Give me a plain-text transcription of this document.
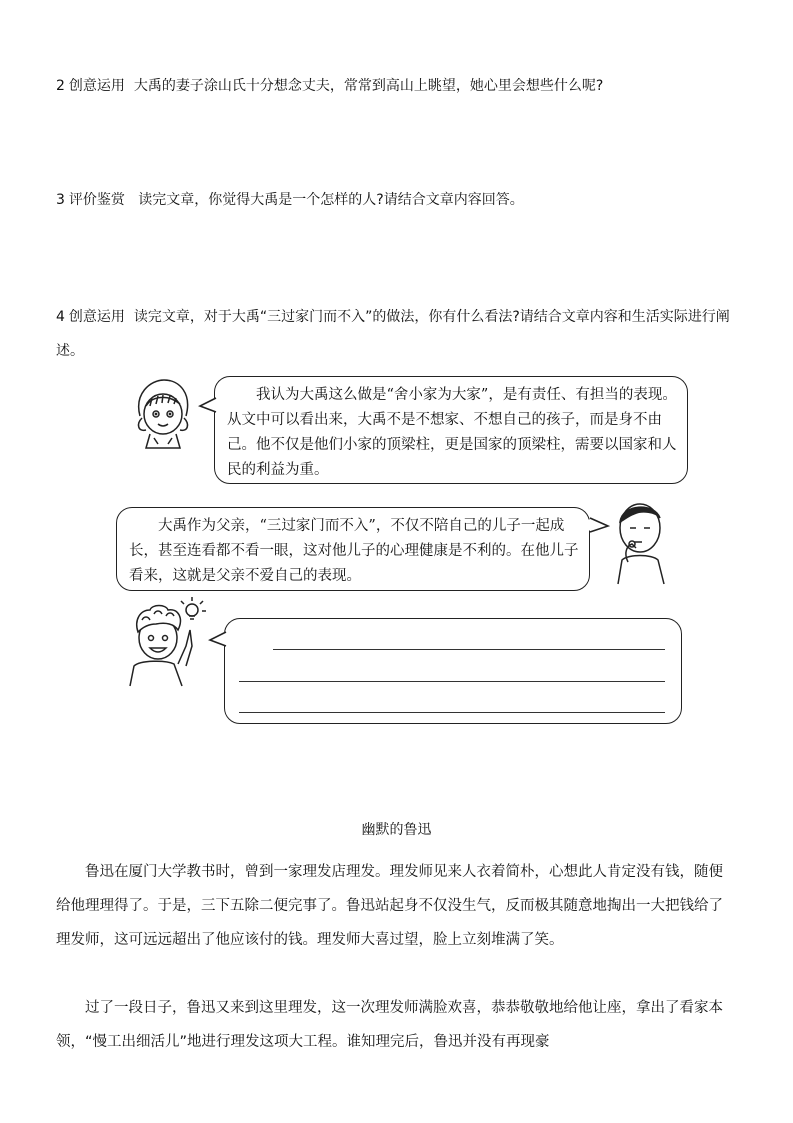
2 创意运用 大禹的妻子涂山氏十分想念丈夫，常常到高山上眺望，她心里会想些什么呢?
3 评价鉴赏 读完文章，你觉得大禹是一个怎样的人?请结合文章内容回答。
4 创意运用 读完文章，对于大禹“三过家门而不入”的做法，你有什么看法?请结合文章内容和生活实际进行阐述。
我认为大禹这么做是“舍小家为大家”，是有责任、有担当的表现。从文中可以看出来，大禹不是不想家、不想自己的孩子，而是身不由己。他不仅是他们小家的顶梁柱，更是国家的顶梁柱，需要以国家和人民的利益为重。
大禹作为父亲，“三过家门而不入”，不仅不陪自己的儿子一起成长，甚至连看都不看一眼，这对他儿子的心理健康是不利的。在他儿子看来，这就是父亲不爱自己的表现。
幽默的鲁迅
鲁迅在厦门大学教书时，曾到一家理发店理发。理发师见来人衣着简朴，心想此人肯定没有钱，随便给他理理得了。于是，三下五除二便完事了。鲁迅站起身不仅没生气，反而极其随意地掏出一大把钱给了理发师，这可远远超出了他应该付的钱。理发师大喜过望，脸上立刻堆满了笑。
过了一段日子，鲁迅又来到这里理发，这一次理发师满脸欢喜，恭恭敬敬地给他让座，拿出了看家本领，“慢工出细活儿”地进行理发这项大工程。谁知理完后，鲁迅并没有再现豪
